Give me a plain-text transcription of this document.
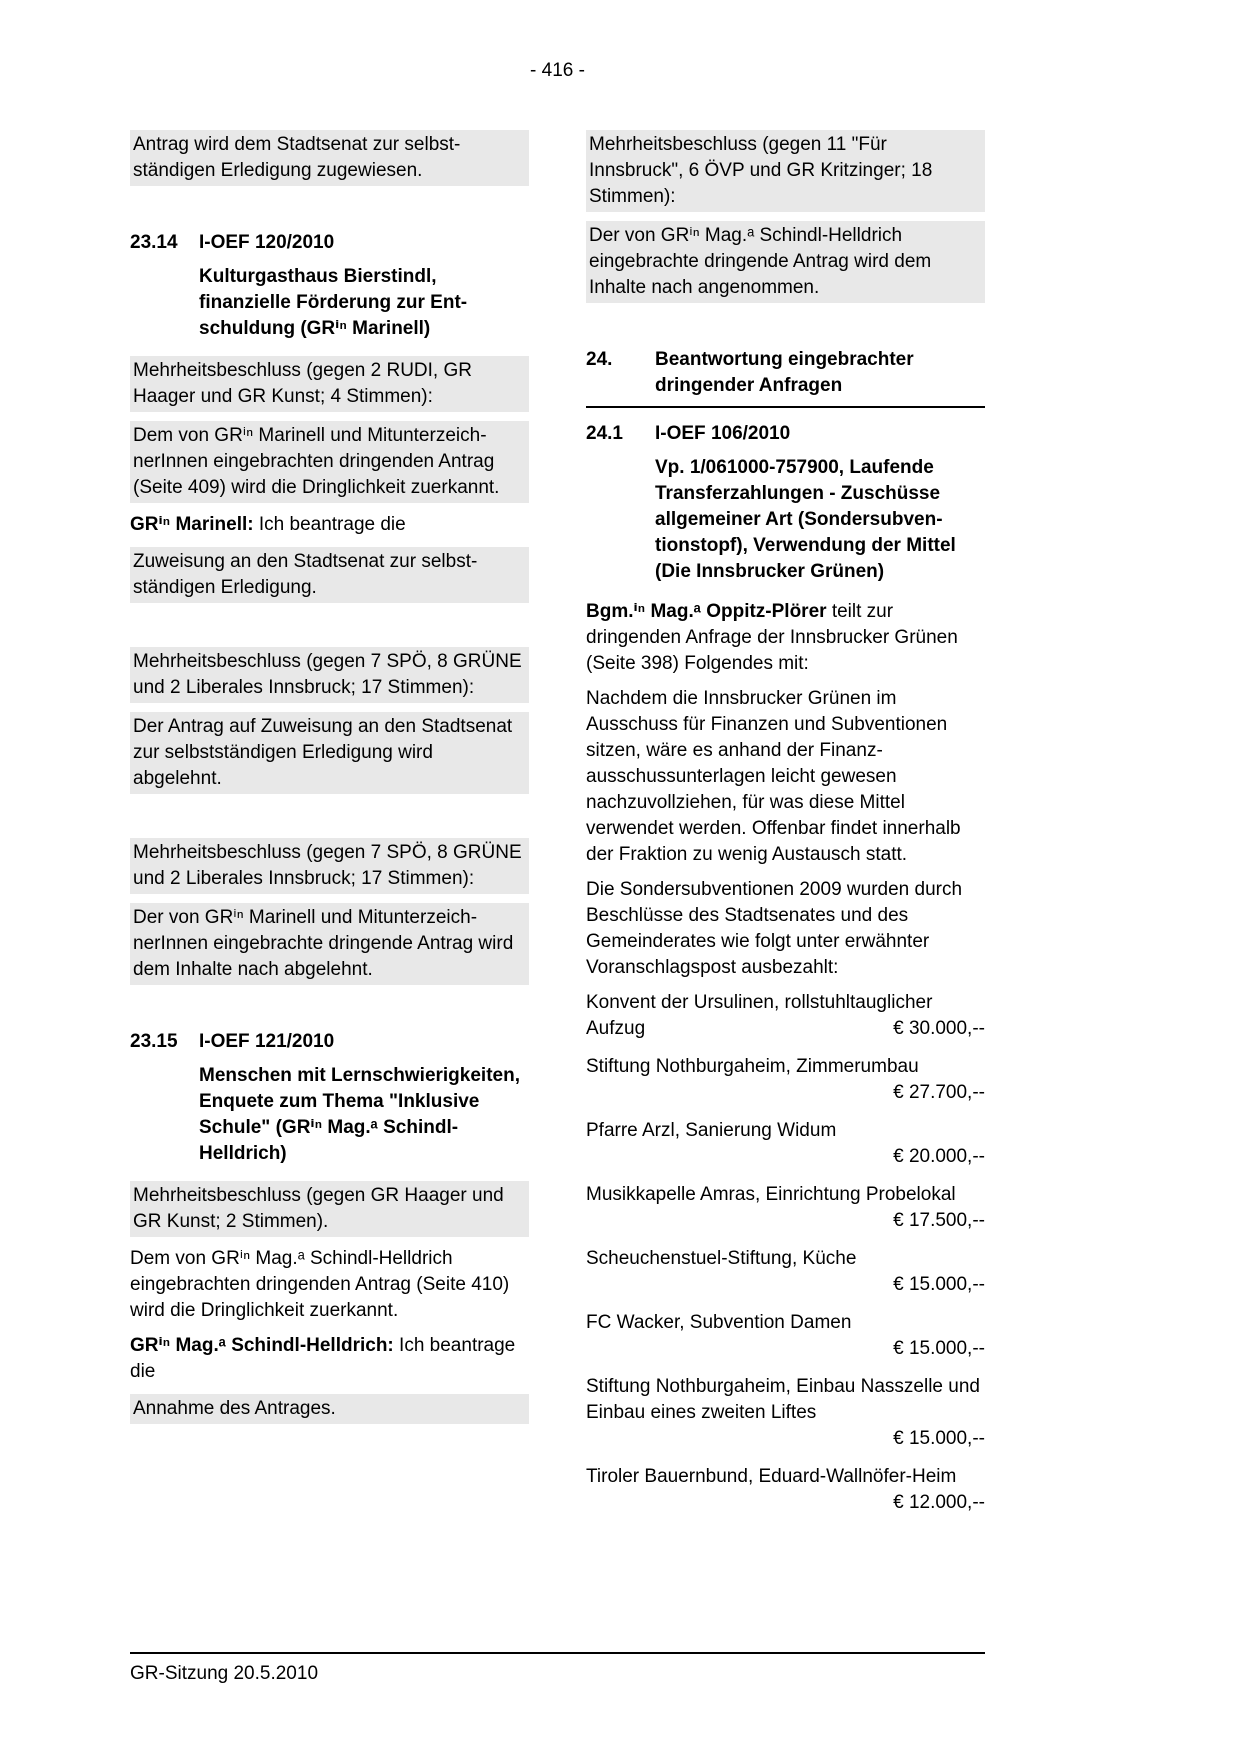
- 416 -

Antrag wird dem Stadtsenat zur selbstständigen Erledigung zugewiesen.

23.14	I-OEF 120/2010
Kulturgasthaus Bierstindl, finanzielle Förderung zur Entschuldung (GRⁱⁿ Marinell)

Mehrheitsbeschluss (gegen 2 RUDI, GR Haager und GR Kunst; 4 Stimmen):

Dem von GRⁱⁿ Marinell und MitunterzeichnerInnen eingebrachten dringenden Antrag (Seite 409) wird die Dringlichkeit zuerkannt.

GRⁱⁿ Marinell: Ich beantrage die

Zuweisung an den Stadtsenat zur selbstständigen Erledigung.

Mehrheitsbeschluss (gegen 7 SPÖ, 8 GRÜNE und 2 Liberales Innsbruck; 17 Stimmen):

Der Antrag auf Zuweisung an den Stadtsenat zur selbstständigen Erledigung wird abgelehnt.

Mehrheitsbeschluss (gegen 7 SPÖ, 8 GRÜNE und 2 Liberales Innsbruck; 17 Stimmen):

Der von GRⁱⁿ Marinell und MitunterzeichnerInnen eingebrachte dringende Antrag wird dem Inhalte nach abgelehnt.

23.15	I-OEF 121/2010
Menschen mit Lernschwierigkeiten, Enquete zum Thema "Inklusive Schule" (GRⁱⁿ Mag.ᵃ Schindl-Helldrich)

Mehrheitsbeschluss (gegen GR Haager und GR Kunst; 2 Stimmen).

Dem von GRⁱⁿ Mag.ᵃ Schindl-Helldrich eingebrachten dringenden Antrag (Seite 410) wird die Dringlichkeit zuerkannt.

GRⁱⁿ Mag.ᵃ Schindl-Helldrich: Ich beantrage die

Annahme des Antrages.

Mehrheitsbeschluss (gegen 11 "Für Innsbruck", 6 ÖVP und GR Kritzinger; 18 Stimmen):

Der von GRⁱⁿ Mag.ᵃ Schindl-Helldrich eingebrachte dringende Antrag wird dem Inhalte nach angenommen.

24.	Beantwortung eingebrachter dringender Anfragen
24.1	I-OEF 106/2010
Vp. 1/061000-757900, Laufende Transferzahlungen - Zuschüsse allgemeiner Art (Sondersubventionstopf), Verwendung der Mittel (Die Innsbrucker Grünen)

Bgm.ⁱⁿ Mag.ᵃ Oppitz-Plörer teilt zur dringenden Anfrage der Innsbrucker Grünen (Seite 398) Folgendes mit:

Nachdem die Innsbrucker Grünen im Ausschuss für Finanzen und Subventionen sitzen, wäre es anhand der Finanzausschussunterlagen leicht gewesen nachzuvollziehen, für was diese Mittel verwendet werden. Offenbar findet innerhalb der Fraktion zu wenig Austausch statt.

Die Sondersubventionen 2009 wurden durch Beschlüsse des Stadtsenates und des Gemeinderates wie folgt unter erwähnter Voranschlagspost ausbezahlt:

Konvent der Ursulinen, rollstuhltauglicher Aufzug	€ 30.000,--
Stiftung Nothburgaheim, Zimmerumbau
€ 27.700,--
Pfarre Arzl, Sanierung Widum
€ 20.000,--
Musikkapelle Amras, Einrichtung Probelokal
€ 17.500,--
Scheuchenstuel-Stiftung, Küche
€ 15.000,--
FC Wacker, Subvention Damen
€ 15.000,--
Stiftung Nothburgaheim, Einbau Nasszelle und Einbau eines zweiten Liftes
€ 15.000,--
Tiroler Bauernbund, Eduard-Wallnöfer-Heim
€ 12.000,--
GR-Sitzung 20.5.2010
